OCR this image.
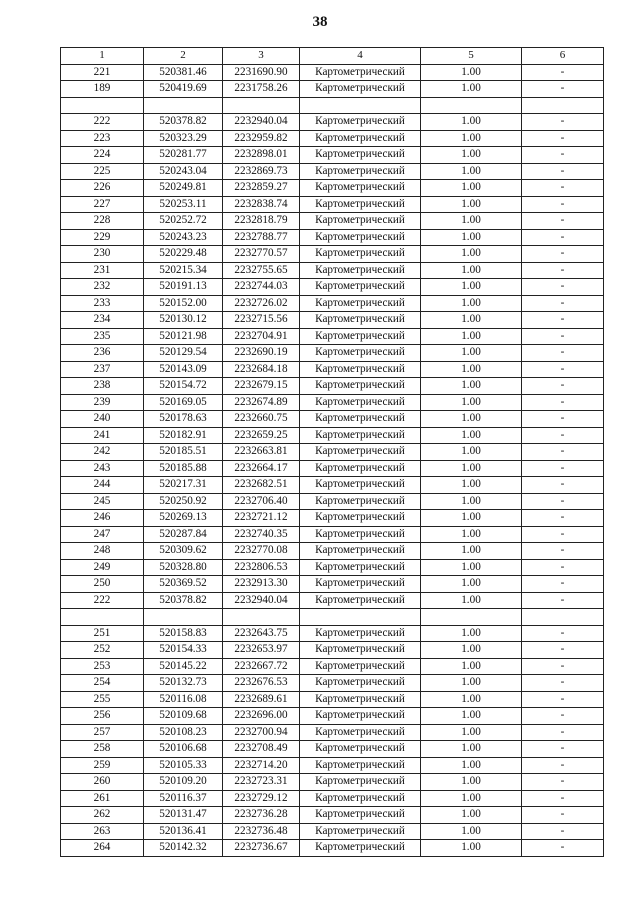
38
1	2	3	4	5	6
221	520381.46	2231690.90	Картометрический	1.00	-
189	520419.69	2231758.26	Картометрический	1.00	-

222	520378.82	2232940.04	Картометрический	1.00	-
223	520323.29	2232959.82	Картометрический	1.00	-
224	520281.77	2232898.01	Картометрический	1.00	-
225	520243.04	2232869.73	Картометрический	1.00	-
226	520249.81	2232859.27	Картометрический	1.00	-
227	520253.11	2232838.74	Картометрический	1.00	-
228	520252.72	2232818.79	Картометрический	1.00	-
229	520243.23	2232788.77	Картометрический	1.00	-
230	520229.48	2232770.57	Картометрический	1.00	-
231	520215.34	2232755.65	Картометрический	1.00	-
232	520191.13	2232744.03	Картометрический	1.00	-
233	520152.00	2232726.02	Картометрический	1.00	-
234	520130.12	2232715.56	Картометрический	1.00	-
235	520121.98	2232704.91	Картометрический	1.00	-
236	520129.54	2232690.19	Картометрический	1.00	-
237	520143.09	2232684.18	Картометрический	1.00	-
238	520154.72	2232679.15	Картометрический	1.00	-
239	520169.05	2232674.89	Картометрический	1.00	-
240	520178.63	2232660.75	Картометрический	1.00	-
241	520182.91	2232659.25	Картометрический	1.00	-
242	520185.51	2232663.81	Картометрический	1.00	-
243	520185.88	2232664.17	Картометрический	1.00	-
244	520217.31	2232682.51	Картометрический	1.00	-
245	520250.92	2232706.40	Картометрический	1.00	-
246	520269.13	2232721.12	Картометрический	1.00	-
247	520287.84	2232740.35	Картометрический	1.00	-
248	520309.62	2232770.08	Картометрический	1.00	-
249	520328.80	2232806.53	Картометрический	1.00	-
250	520369.52	2232913.30	Картометрический	1.00	-
222	520378.82	2232940.04	Картометрический	1.00	-

251	520158.83	2232643.75	Картометрический	1.00	-
252	520154.33	2232653.97	Картометрический	1.00	-
253	520145.22	2232667.72	Картометрический	1.00	-
254	520132.73	2232676.53	Картометрический	1.00	-
255	520116.08	2232689.61	Картометрический	1.00	-
256	520109.68	2232696.00	Картометрический	1.00	-
257	520108.23	2232700.94	Картометрический	1.00	-
258	520106.68	2232708.49	Картометрический	1.00	-
259	520105.33	2232714.20	Картометрический	1.00	-
260	520109.20	2232723.31	Картометрический	1.00	-
261	520116.37	2232729.12	Картометрический	1.00	-
262	520131.47	2232736.28	Картометрический	1.00	-
263	520136.41	2232736.48	Картометрический	1.00	-
264	520142.32	2232736.67	Картометрический	1.00	-
